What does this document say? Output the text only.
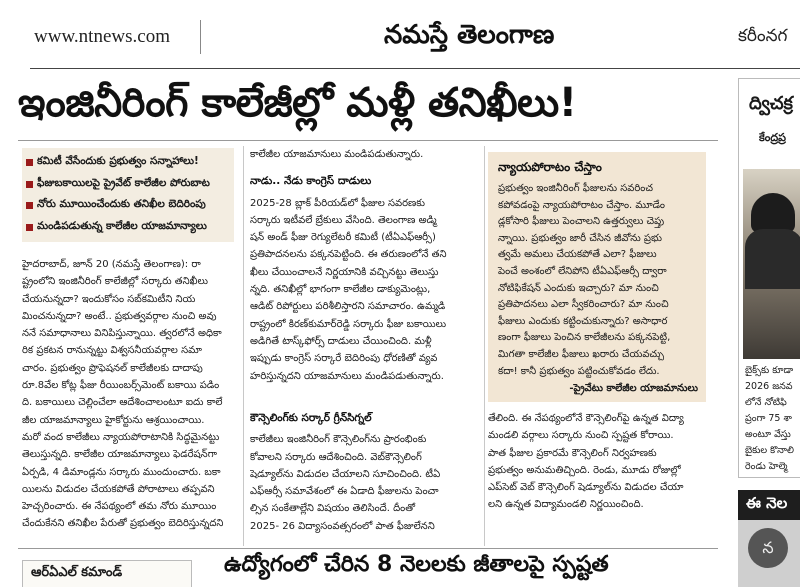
www.ntnews.com	నమస్తే తెలంగాణ	కరీంనగ
ఇంజినీరింగ్ కాలేజీల్లో మళ్లీ తనిఖీలు!
కమిటీ వేసేందుకు ప్రభుత్వం సన్నాహాలు!
ఫీజుబకాయిలపై ప్రైవేట్ కాలేజీల పోరుబాట
నోరు మూయించేందుకు తనిఖీల బెదిరింపు
మండిపడుతున్న కాలేజీల యాజమాన్యాలు
హైదరాబాద్, జూన్ 20 (నమస్తే తెలంగాణ): రా
ష్ట్రంలోని ఇంజినీరింగ్ కాలేజీల్లో సర్కారు తనిఖీలు
చేయనున్నదా? ఇందుకోసం సబ్‌కమిటీని నియ
మించనున్నదా? అంటే.. ప్రభుత్వవర్గాల నుంచి అవు
ననే సమాధానాలు వినిపిస్తున్నాయి. త్వరలోనే అధికా
రిక ప్రకటన రానున్నట్టు విశ్వసనీయవర్గాల సమా
చారం. ప్రభుత్వం ప్రొఫెషనల్ కాలేజీలకు దాదాపు
రూ.8వేల కోట్ల ఫీజు రీయింబర్స్‌మెంట్ బకాయి పడిం
ది. బకాయిలు చెల్లించేలా ఆదేశించాలంటూ ఐదు కాలే
జీల యాజమాన్యాలు హైకోర్టును ఆశ్రయించాయి.
మరో వంద కాలేజీలు న్యాయపోరాటానికి సిద్ధమైనట్టు
తెలుస్తున్నది. కాలేజీల యాజమాన్యాలు ఫెడరేషన్‌గా
ఏర్పడి, 4 డిమాండ్లను సర్కారు ముందుంచారు. బకా
యిలను విడుదల చేయకపోతే పోరాటాలు తప్పవని
హెచ్చరించారు. ఈ నేపథ్యంలో తమ నోరు మూయిం
చేందుకేనని తనిఖీల పేరుతో ప్రభుత్వం బెదిరిస్తున్నదని
కాలేజీల యాజమానులు మండిపడుతున్నారు.
నాడు.. నేడు కాంగ్రెస్ దాడులు
2025-28 బ్లాక్ పీరియడ్‌లో ఫీజుల సవరణకు
సర్కారు ఇటీవలే బ్రేకులు వేసింది. తెలంగాణ అడ్మి
షన్ అండ్ ఫీజు రెగ్యులేటరీ కమిటీ (టీఏఎఫ్ఆర్సీ)
ప్రతిపాదనలను పక్కనపెట్టింది. ఈ తరుణంలోనే తని
ఖీలు చేయించాలనే నిర్ణయానికి వచ్చినట్టు తెలుస్తు
న్నది. తనిఖీల్లో భాగంగా కాలేజీల డాక్యుమెంట్లు,
ఆడిట్ రిపోర్టులు పరిశీలిస్తారని సమాచారం. ఉమ్మడి
రాష్ట్రంలో కిరణ్‌కుమార్‌రెడ్డి సర్కారు ఫీజు బకాయిలు
అడిగితే టాస్క్‌ఫోర్స్ దాడులు చేయించింది. మళ్లీ
ఇప్పుడు కాంగ్రెస్ సర్కారే బెదిరింపు ధోరణితో వ్యవ
హరిస్తున్నదని యాజమానులు మండిపడుతున్నారు.
కౌన్సెలింగ్‌కు సర్కార్ గ్రీన్‌సిగ్నల్
కాలేజీలు ఇంజినీరింగ్ కౌన్సెలింగ్‌ను ప్రారంభింకు
కోవాలని సర్కారు ఆదేశించింది. వెబ్‌కౌన్సెలింగ్
షెడ్యూల్‌ను విడుదల చేయాలని సూచించింది. టీఏ
ఎఫ్ఆర్సీ సమావేశంలో ఈ ఏడాది ఫీజులను పెంచా
ల్సిన సంకేతాల్లేని విషయం తెలిసిందే. దీంతో
2025- 26 విద్యాసంవత్సరంలో పాత ఫీజులేనని
న్యాయపోరాటం చేస్తాం
ప్రభుత్వం ఇంజినీరింగ్ ఫీజులను సవరించ
కపోవడంపై న్యాయపోరాటం చేస్తాం. మూడేం
డ్లకోసారి ఫీజులు పెంచాలని ఉత్తర్వులు చెప్తు
న్నాయి. ప్రభుత్వం జారీ చేసిన జీవోను ప్రభు
త్వమే అమలు చేయకపోతే ఎలా? ఫీజులు
పెంచే అంశంలో లేనిపోని టీఏఎఫ్ఆర్సీ ద్వారా
నోటిఫికేషన్ ఎందుకు ఇచ్చారు? మా నుంచి
ప్రతిపాదనలు ఎలా స్వీకరించారు? మా నుంచి
ఫీజులు ఎందుకు కట్టించుకున్నారు? అసాధార
ణంగా ఫీజులు పెంచిన కాలేజీలను పక్కనపెట్టి,
మిగతా కాలేజీల ఫీజులు ఖరారు చేయవచ్చు
కదా! కానీ ప్రభుత్వం పట్టించుకోవడం లేదు.
-ప్రైవేటు కాలేజీల యాజమానులు
తేలింది. ఈ నేపథ్యంలోనే కౌన్సెలింగ్‌పై ఉన్నత విద్యా
మండలి వర్గాలు సర్కారు నుంచి స్పష్టత కోరాయి.
పాత ఫీజుల ప్రకారమే కౌన్సెలింగ్ నిర్వహణకు
ప్రభుత్వం అనుమతిచ్చింది. రెండు, మూడు రోజుల్లో
ఎప్‌సెట్ వెబ్ కౌన్సెలింగ్ షెడ్యూల్‌ను విడుదల చేయా
లని ఉన్నత విద్యామండలి నిర్ణయించింది.
ఆర్‌ఏఎల్ కమాండ్	ఉద్యోగంలో చేరిన 8 నెలలకు జీతాలపై స్పష్టత
ద్విచక్ర
కేంద్రప్ర
బైక్స్‌కు కూడా
2026 జనవ
లోనే నోటిఫి
ప్రంగా 75 శా
అంటూ వేస్తు
బైకుల కొనాలి
రెండు హెల్మె
ఈ నెల
న
